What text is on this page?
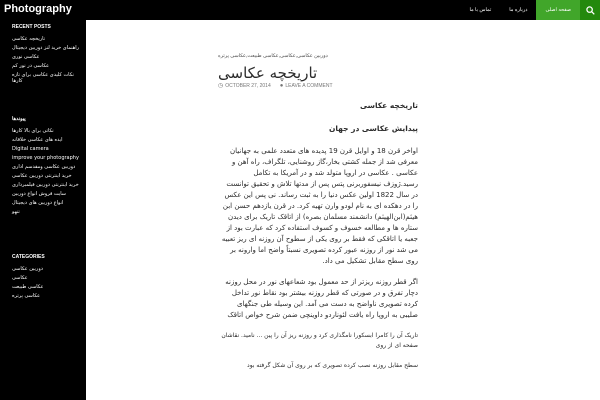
Photography	صفحه اصلی
درباره ما
تماس با ما
RECENT POSTS
تاریخچه عکاسی
راهنمای خرید لنز دوربین دیجیتال
عکاسی نوری
عکاسی در نور کم
نکات کلیدی عکاسی برای تازه کارها
پیوندها
نکاتی برای بالا کارها
ایده های عکاسی خلاقانه
Digital camera
improve your photography
دوربین عکاسی ومقدسم اداری
خرید اینترنتی دوربین عکاسی
خرید اینترنتی دوربین فیلمبرداری
سایت فروش انواع دوربین
انواع دوربین های دیجیتال
تنهو
CATEGORIES
دوربین عکاسی
عکاسی
عکاسی طبیعت
عکاسی پرتره
دوربین عکاسی,عکاسی,عکاسی طبیعت,عکاسی پرتره
تاریخچه عکاسی
◷ OCTOBER 27, 2014 ● LEAVE A COMMENT

تاریخچه عکاسی

پیدایش عکاسی در جهان

اواخر قرن 18 و اوایل قرن 19 پدیده های متعدد علمی به جهانیان معرفی شد از جمله کشتی بخار،گاز روشنایی، تلگراف، راه آهن و عکاسی . عکاسی در اروپا متولد شد و در آمریکا به تکامل رسید.ژوزف نیسفوربرنی پتس پس از مدتها تلاش و تحقیق توانست در سال 1822 اولین عکس دنیا را به ثبت رساند. نی پس این عکس را در دهکده ای به نام لودو وارن تهیه کرد. در قرن یازدهم حسن ابن هیثم(ابن‌الهیثم) دانشمند مسلمان بصره) از اتاقک تاریک برای دیدن ستاره ها و مطالعه خسوف و کسوف استفاده کرد که عبارت بود از جعبه یا اتاقکی که فقط بر روی یکی از سطوح آن روزنه ای ریز تعبیه می شد نور از روزنه عبور کرده تصویری نسبتاً واضح اما وارونه بر روی سطح مقابل تشکیل می داد.

اگر قطر روزنه ریزتر از حد معمول بود شعاعهای نور در محل روزنه دچار تفرق و در صورتی که قطر روزنه بیشتر بود نقاط نور تداخل کرده تصویری ناواضح به دست می آمد. این وسیله طی جنگهای صلیبی به اروپا راه یافت لئوناردو داوینچی ضمن شرح خواص اتاقک

تاریک آن را کامرا ابسکورا نامگذاری کرد و روزنه ریز آن را پین ... نامید. نقاشان صفحه ای از روی

سطح مقابل روزنه نصب کرده تصویری که بر روی آن شکل گرفته بود
